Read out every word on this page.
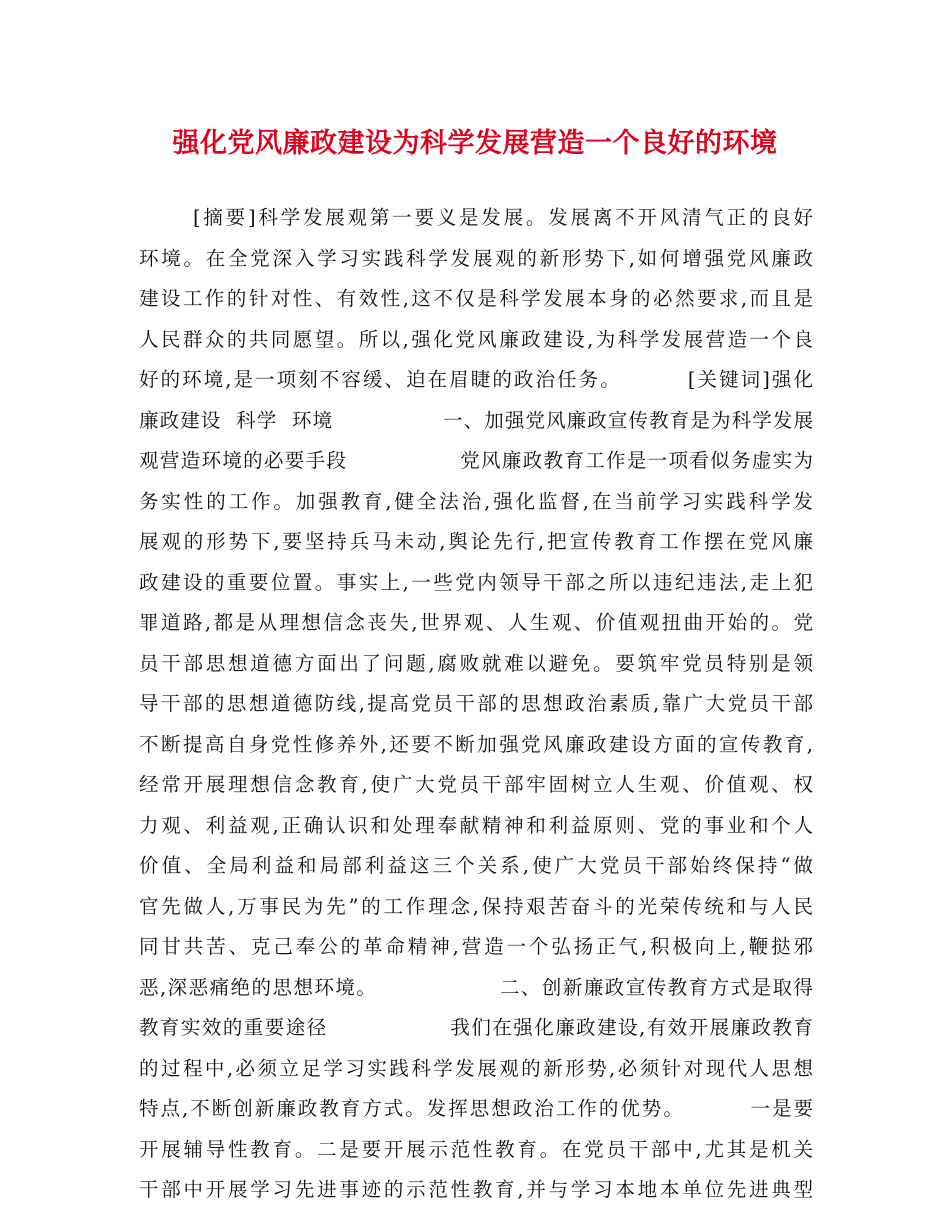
强化党风廉政建设为科学发展营造一个良好的环境
[摘要]科学发展观第一要义是发展。发展离不开风清气正的良好
环境。在全党深入学习实践科学发展观的新形势下,如何增强党风廉政
建设工作的针对性、有效性,这不仅是科学发展本身的必然要求,而且是
人民群众的共同愿望。所以,强化党风廉政建设,为科学发展营造一个良
好的环境,是一项刻不容缓、迫在眉睫的政治任务。        [关键词]强化
廉政建设  科学  环境               一、加强党风廉政宣传教育是为科学发展
观营造环境的必要手段               党风廉政教育工作是一项看似务虚实为
务实性的工作。加强教育,健全法治,强化监督,在当前学习实践科学发
展观的形势下,要坚持兵马未动,舆论先行,把宣传教育工作摆在党风廉
政建设的重要位置。事实上,一些党内领导干部之所以违纪违法,走上犯
罪道路,都是从理想信念丧失,世界观、人生观、价值观扭曲开始的。党
员干部思想道德方面出了问题,腐败就难以避免。要筑牢党员特别是领
导干部的思想道德防线,提高党员干部的思想政治素质,靠广大党员干部
不断提高自身党性修养外,还要不断加强党风廉政建设方面的宣传教育,
经常开展理想信念教育,使广大党员干部牢固树立人生观、价值观、权
力观、利益观,正确认识和处理奉献精神和利益原则、党的事业和个人
价值、全局利益和局部利益这三个关系,使广大党员干部始终保持“做
官先做人,万事民为先”的工作理念,保持艰苦奋斗的光荣传统和与人民
同甘共苦、克己奉公的革命精神,营造一个弘扬正气,积极向上,鞭挞邪
恶,深恶痛绝的思想环境。                二、创新廉政宣传教育方式是取得
教育实效的重要途径                我们在强化廉政建设,有效开展廉政教育
的过程中,必须立足学习实践科学发展观的新形势,必须针对现代人思想
特点,不断创新廉政教育方式。发挥思想政治工作的优势。        一是要
开展辅导性教育。二是要开展示范性教育。在党员干部中,尤其是机关
干部中开展学习先进事迹的示范性教育,并与学习本地本单位先进典型
